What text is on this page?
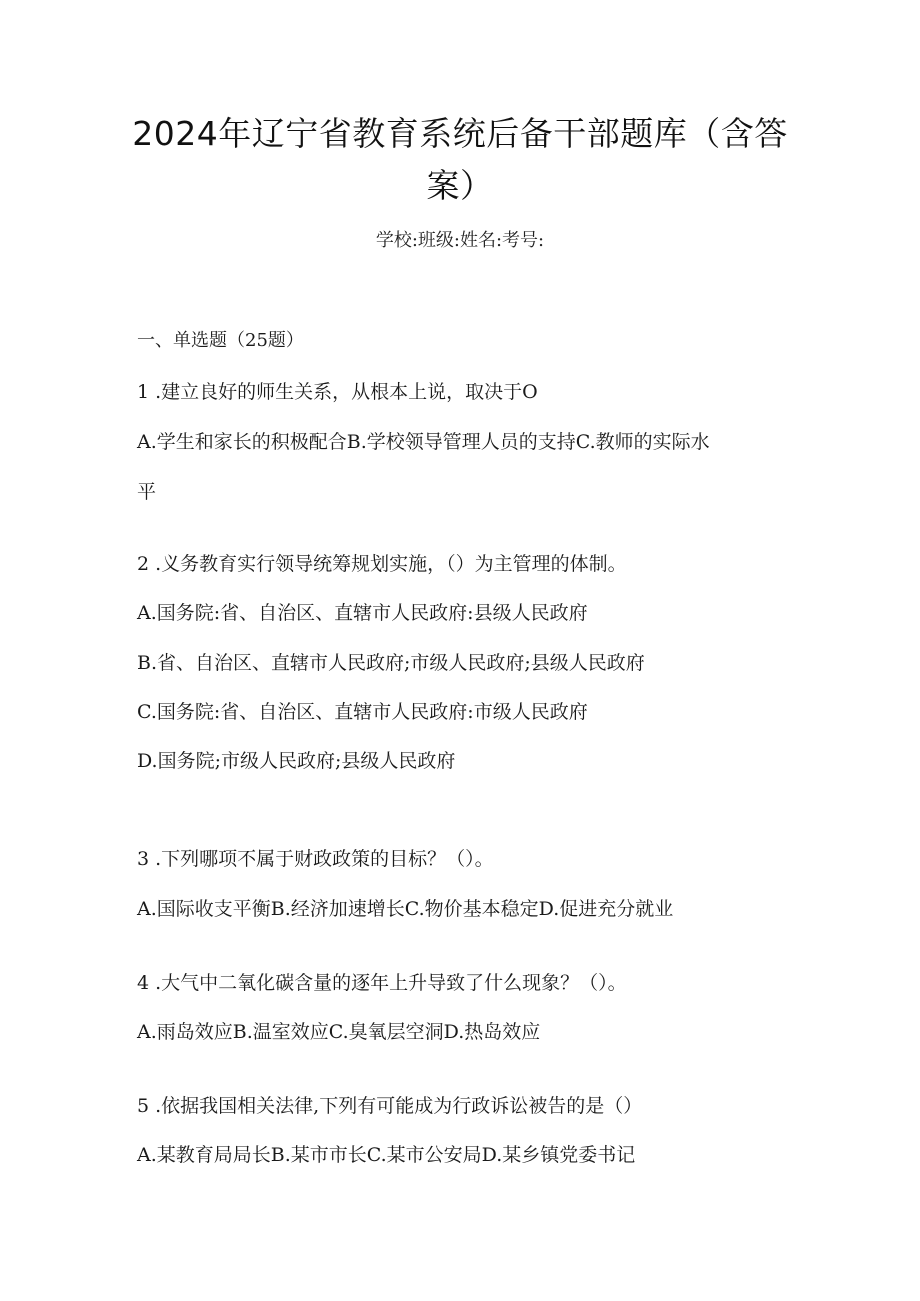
2024年辽宁省教育系统后备干部题库（含答
案）
学校:班级:姓名:考号:
一、单选题（25题）
1 .建立良好的师生关系，从根本上说，取决于O
A.学生和家长的积极配合B.学校领导管理人员的支持C.教师的实际水
平
2 .义务教育实行领导统筹规划实施，（）为主管理的体制。
A.国务院:省、自治区、直辖市人民政府:县级人民政府
B.省、自治区、直辖市人民政府;市级人民政府;县级人民政府
C.国务院:省、自治区、直辖市人民政府:市级人民政府
D.国务院;市级人民政府;县级人民政府
3 .下列哪项不属于财政政策的目标？（）。
A.国际收支平衡B.经济加速增长C.物价基本稳定D.促进充分就业
4 .大气中二氧化碳含量的逐年上升导致了什么现象？（）。
A.雨岛效应B.温室效应C.臭氧层空洞D.热岛效应
5 .依据我国相关法律,下列有可能成为行政诉讼被告的是（）
A.某教育局局长B.某市市长C.某市公安局D.某乡镇党委书记
